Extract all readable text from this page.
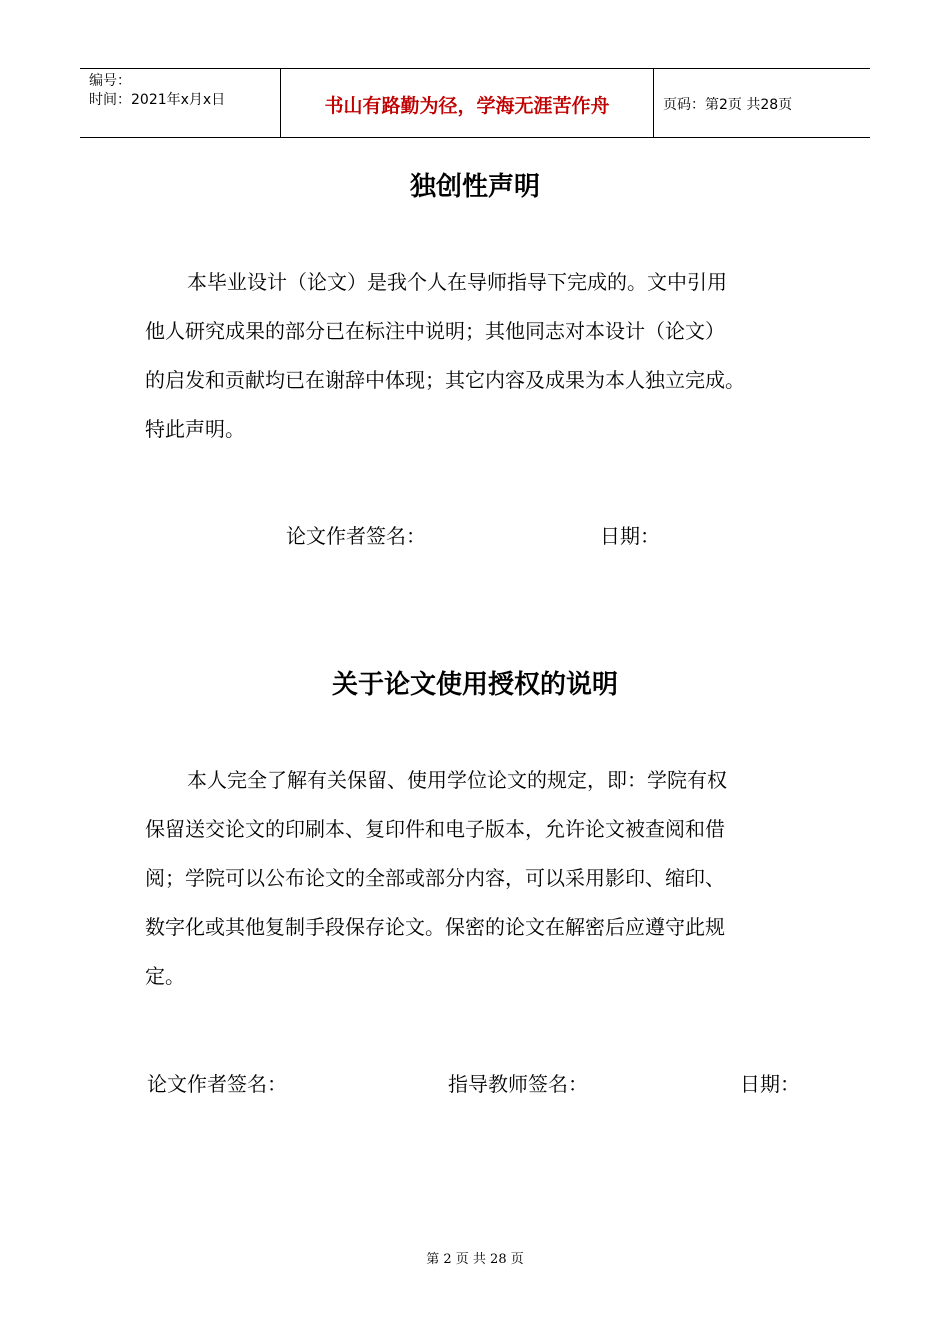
编号：
时间：2021年x月x日	书山有路勤为径，学海无涯苦作舟	页码：第2页 共28页
独创性声明
本毕业设计（论文）是我个人在导师指导下完成的。文中引用
他人研究成果的部分已在标注中说明；其他同志对本设计（论文）
的启发和贡献均已在谢辞中体现；其它内容及成果为本人独立完成。
特此声明。
论文作者签名：	日期：
关于论文使用授权的说明
本人完全了解有关保留、使用学位论文的规定，即：学院有权
保留送交论文的印刷本、复印件和电子版本，允许论文被查阅和借
阅；学院可以公布论文的全部或部分内容，可以采用影印、缩印、
数字化或其他复制手段保存论文。保密的论文在解密后应遵守此规
定。
论文作者签名：	指导教师签名：	日期：
第 2 页 共 28 页
